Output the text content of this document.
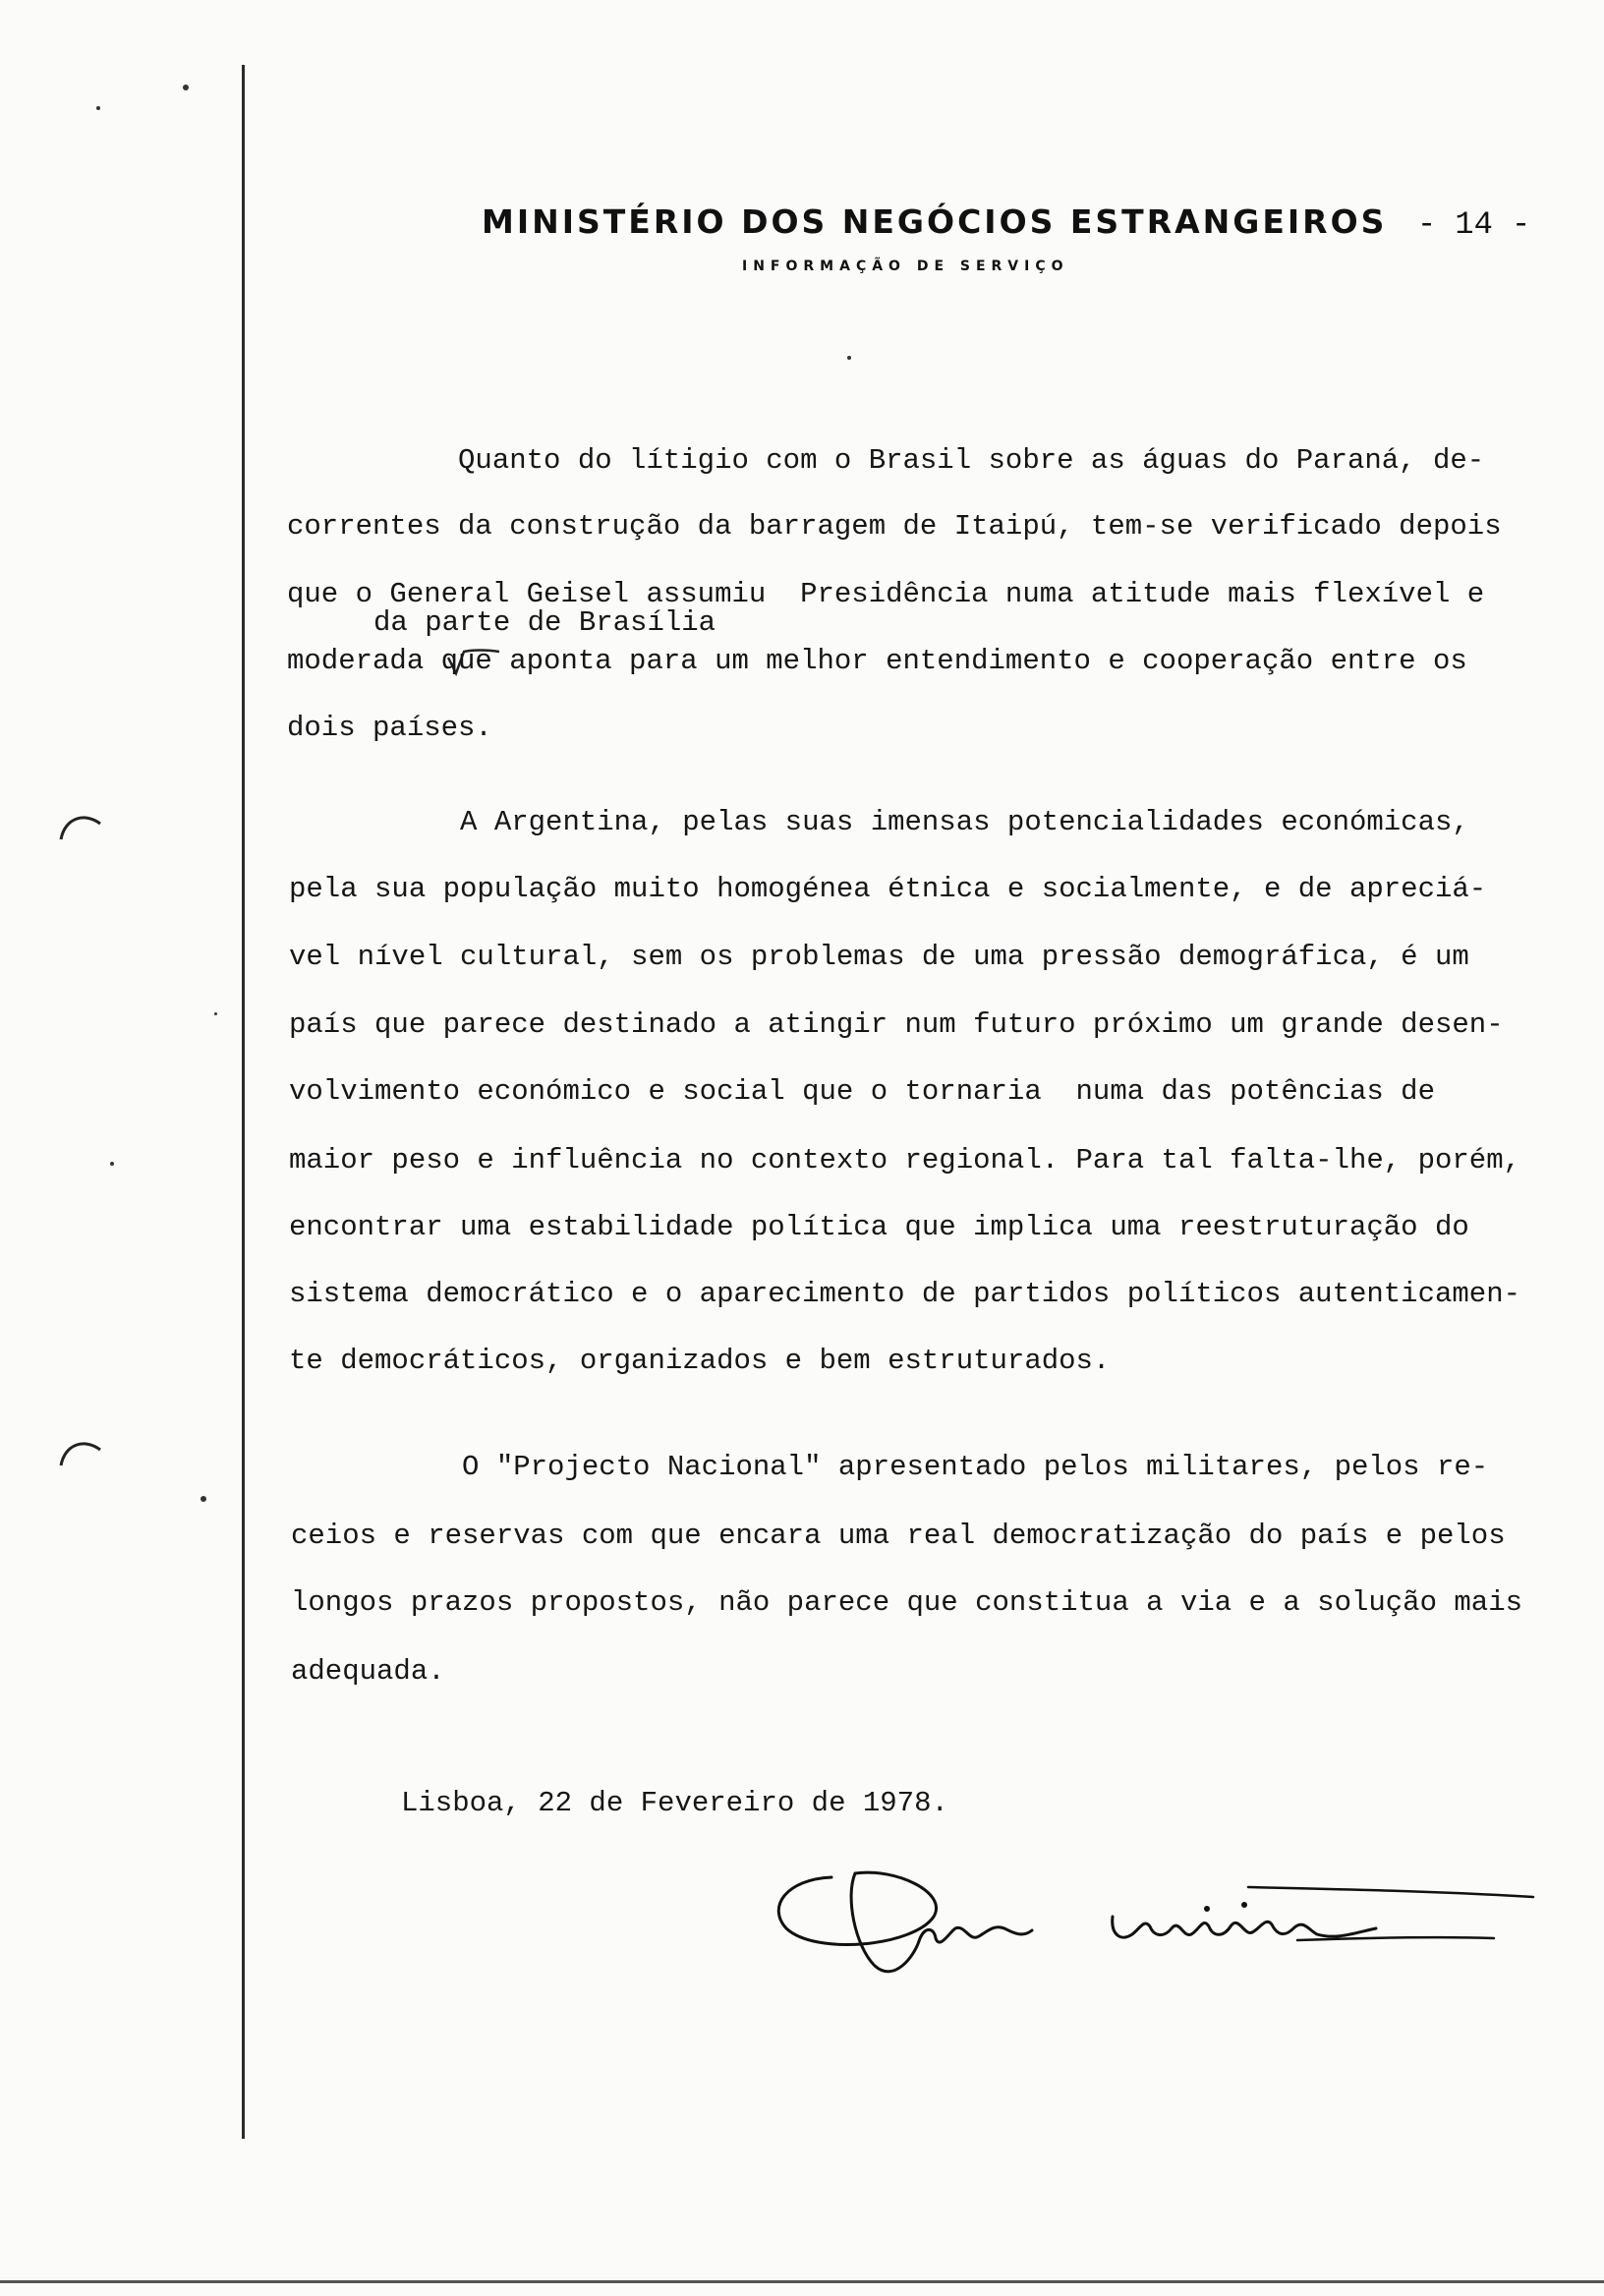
MINISTÉRIO DOS NEGÓCIOS ESTRANGEIROS - 14 -
INFORMAÇÃO DE SERVIÇO
Quanto do lítigio com o Brasil sobre as águas do Paraná, de-
correntes da construção da barragem de Itaipú, tem-se verificado depois
que o General Geisel assumiu  Presidência numa atitude mais flexível e
da parte de Brasília
moderada que aponta para um melhor entendimento e cooperação entre os
dois países.
A Argentina, pelas suas imensas potencialidades económicas,
pela sua população muito homogénea étnica e socialmente, e de apreciá-
vel nível cultural, sem os problemas de uma pressão demográfica, é um
país que parece destinado a atingir num futuro próximo um grande desen-
volvimento económico e social que o tornaria  numa das potências de
maior peso e influência no contexto regional. Para tal falta-lhe, porém,
encontrar uma estabilidade política que implica uma reestruturação do
sistema democrático e o aparecimento de partidos políticos autenticamen-
te democráticos, organizados e bem estruturados.
O "Projecto Nacional" apresentado pelos militares, pelos re-
ceios e reservas com que encara uma real democratização do país e pelos
longos prazos propostos, não parece que constitua a via e a solução mais
adequada.
Lisboa, 22 de Fevereiro de 1978.
